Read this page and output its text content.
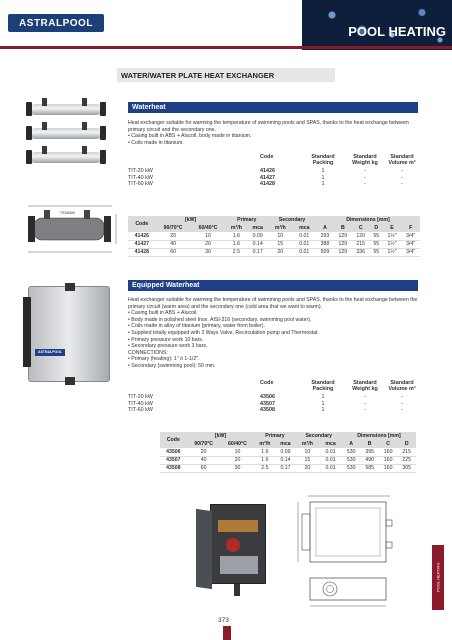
ASTRALPOOL
POOL HEATING
WATER/WATER PLATE HEAT EXCHANGER
Waterheat

Heat exchanger suitable for warming the temperature of swimming pools and SPAS, thanks to the heat exchange between primary circuit and the secondary one.

• Casing built in ABS + Alucoil, body made in titanium.
• Coils made in titanium.
Code	Standard Packing
Standard Weight kg
Standard Volume m³
TIT-20 kW	41426	1	-	-
TIT-40 kW	41427	1	-	-
TIT-60 kW	41428	1	-	-
TITANIUM
Code	[kW]		Primary		Secondary		Dimensions [mm]					
	90/70°C	60/40°C	m³/h	mca	m³/h	mca	A	B	C	D	E	F
41426	20	10	1.6	0.09	10	0.01	293	129	120	55	1½"	3/4"
41427	40	20	1.6	0.14	15	0.01	388	129	215	55	1½"	3/4"
41428	60	30	2.5	0.17	20	0.01	509	129	336	55	1½"	3/4"
ASTRALPOOL
Equipped Waterheat

Heat exchanger suitable for warming the temperature of swimming pools and SPAS, thanks to the heat exchange between the primary circuit (warm area) and the secondary one (cold area that we want to warm).

• Casing built in ABS + Alucoil.
• Body made in polished steel Inox. AISI-316 (secondary, swimming pool water).
• Coils made in alloy of titanium (primary, water from boiler).
• Supplied totally equipped with 3 Ways Valve, Recirculation pump and Thermostat.
• Primary pressure work 10 bars.
• Secondary pressure work 3 bars.

CONNECTIONS:

• Primary (heating): 1" ó 1-1/2".
• Secondary (swimming pool): 50 mm.
Code	Standard Packing
Standard Weight kg
Standard Volume m³
TIT-20 kW	43506	1	-	-
TIT-40 kW	43507	1	-	-
TIT-60 kW	43508	1	-	-
Code	[kW]		Primary		Secondary		Dimensions [mm]			
	90/70°C	60/40°C	m³/h	mca	m³/h	mca	A	B	C	D
43506	20	10	1.6	0.09	10	0.01	530	395	160	215
43507	40	20	1.6	0.14	15	0.01	530	490	160	225
43508	60	30	2.5	0.17	20	0.01	530	585	160	305
POOL HEATING
373
